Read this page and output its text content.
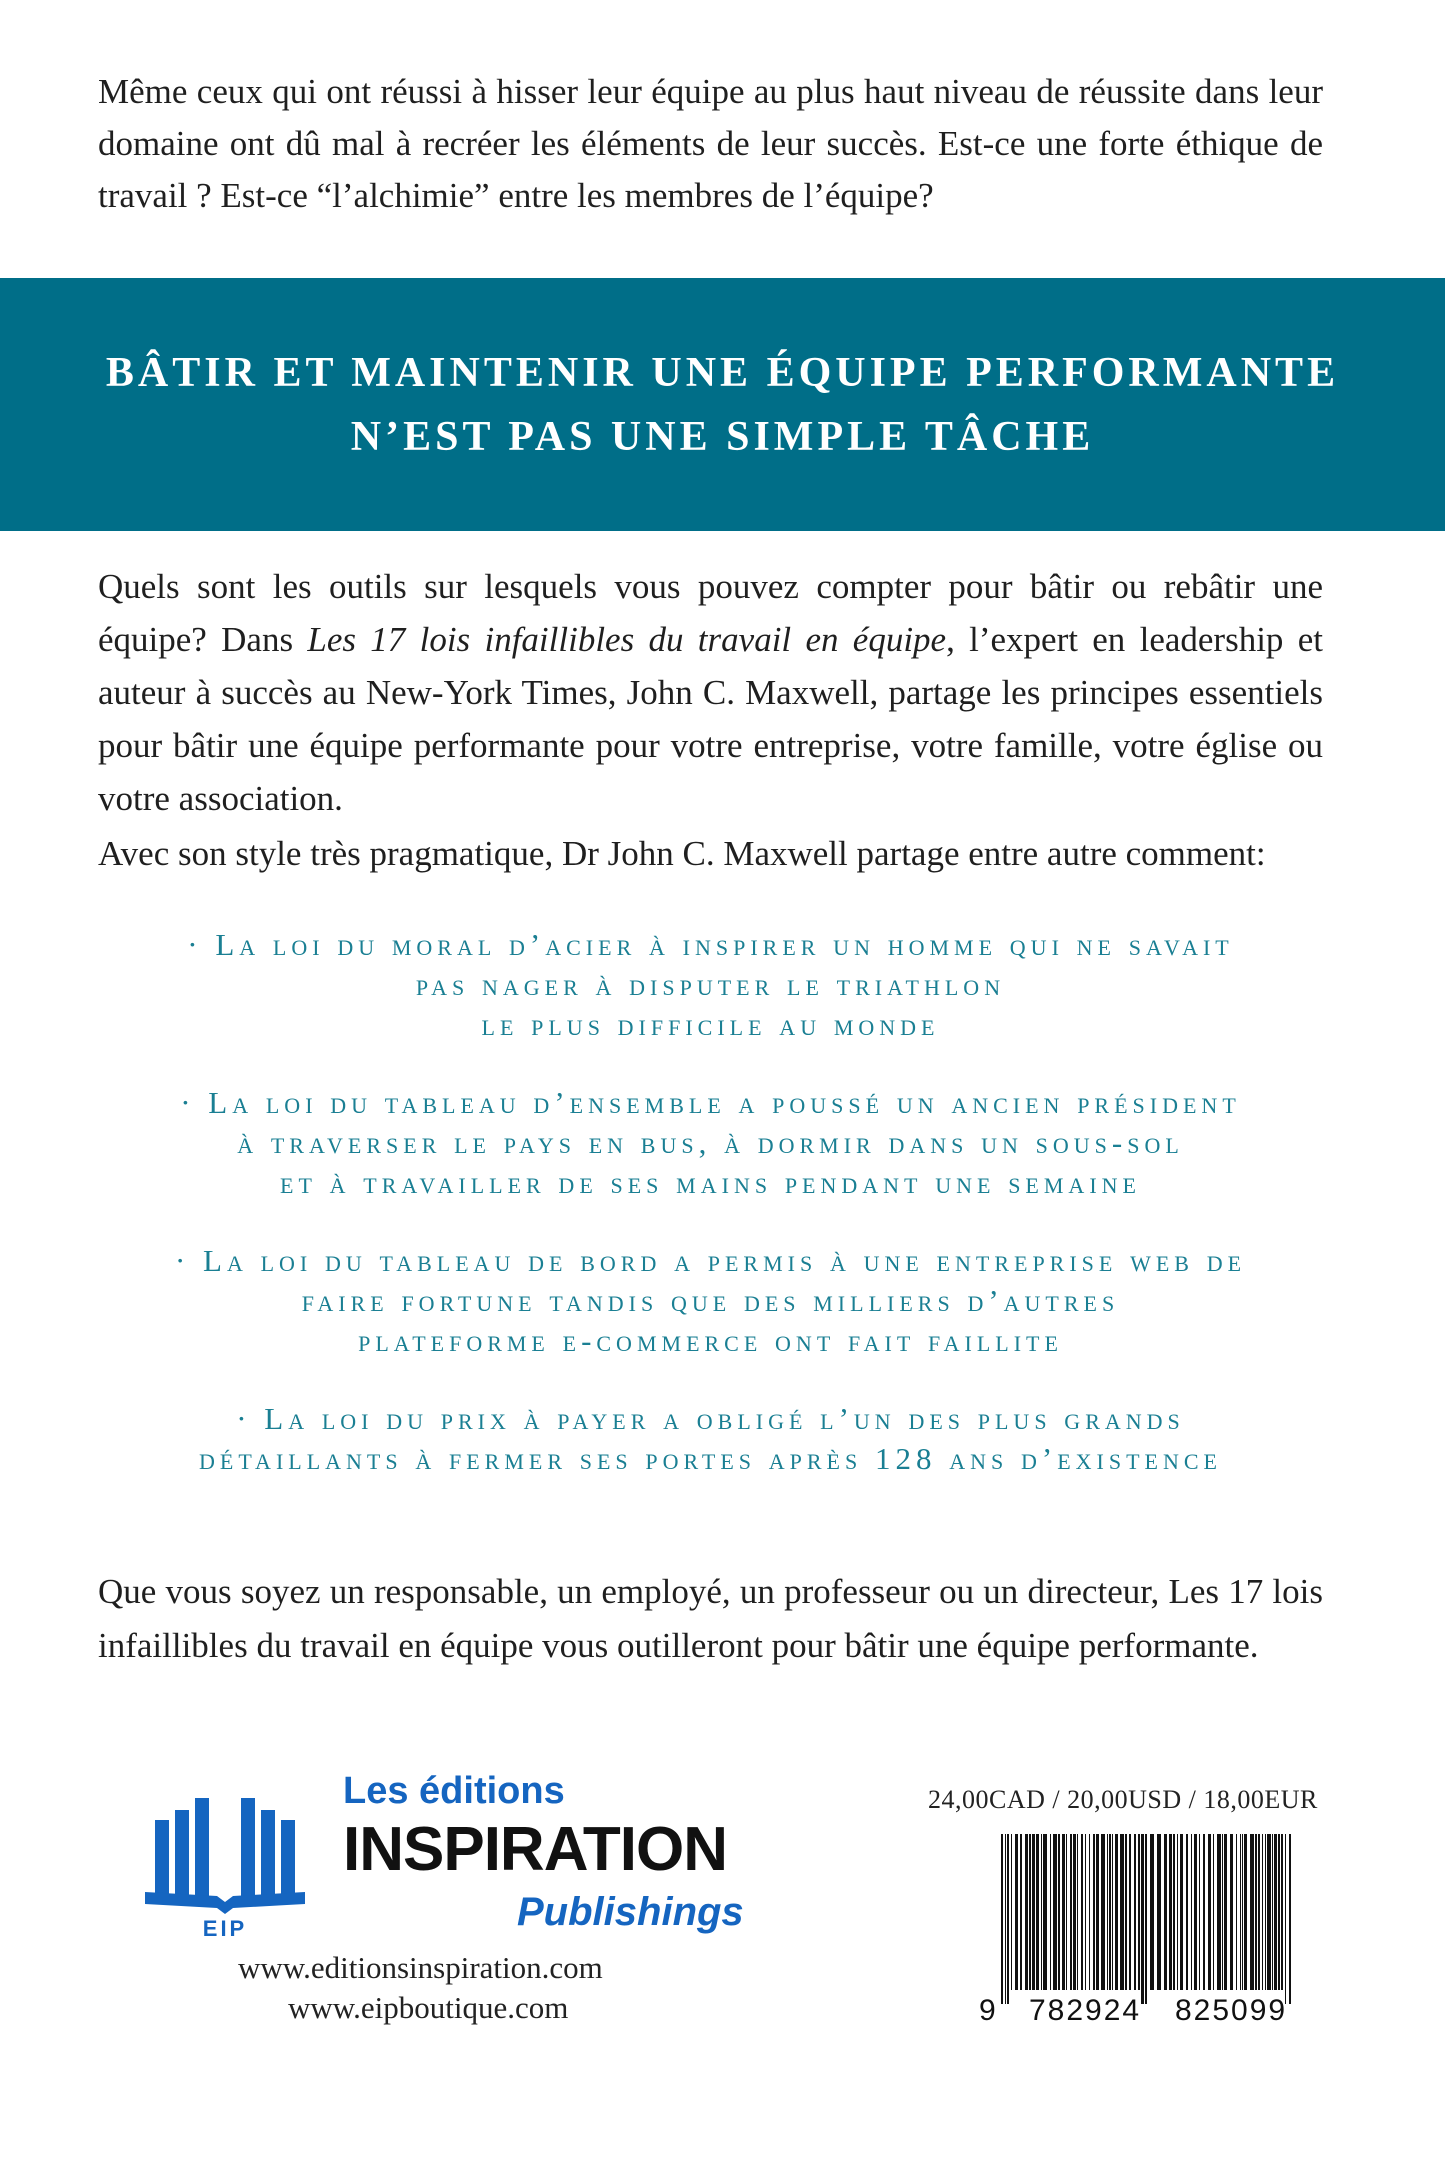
Même ceux qui ont réussi à hisser leur équipe au plus haut niveau de réussite dans leur domaine ont dû mal à recréer les éléments de leur succès. Est-ce une forte éthique de travail ? Est-ce “l’alchimie” entre les membres de l’équipe?

BÂTIR ET MAINTENIR UNE ÉQUIPE PERFORMANTE
N’EST PAS UNE SIMPLE TÂCHE

Quels sont les outils sur lesquels vous pouvez compter pour bâtir ou rebâtir une équipe? Dans Les 17 lois infaillibles du travail en équipe, l’expert en leadership et auteur à succès au New-York Times, John C. Maxwell, partage les principes essentiels pour bâtir une équipe performante pour votre entreprise, votre famille, votre église ou votre association.

Avec son style très pragmatique, Dr John C. Maxwell partage entre autre comment:

· La loi du moral d’acier à inspirer un homme qui ne savait
pas nager à disputer le triathlon
le plus difficile au monde
· La loi du tableau d’ensemble a poussé un ancien président
à traverser le pays en bus, à dormir dans un sous-sol
et à travailler de ses mains pendant une semaine
· La loi du tableau de bord a permis à une entreprise web de
faire fortune tandis que des milliers d’autres
plateforme e-commerce ont fait faillite
· La loi du prix à payer a obligé l’un des plus grands
détaillants à fermer ses portes après 128 ans d’existence

Que vous soyez un responsable, un employé, un professeur ou un directeur, Les 17 lois infaillibles du travail en équipe vous outilleront pour bâtir une équipe performante.

EIP
Les éditions
INSPIRATION
Publishings
www.editionsinspiration.com
www.eipboutique.com
24,00CAD / 20,00USD / 18,00EUR
9 782924 825099
